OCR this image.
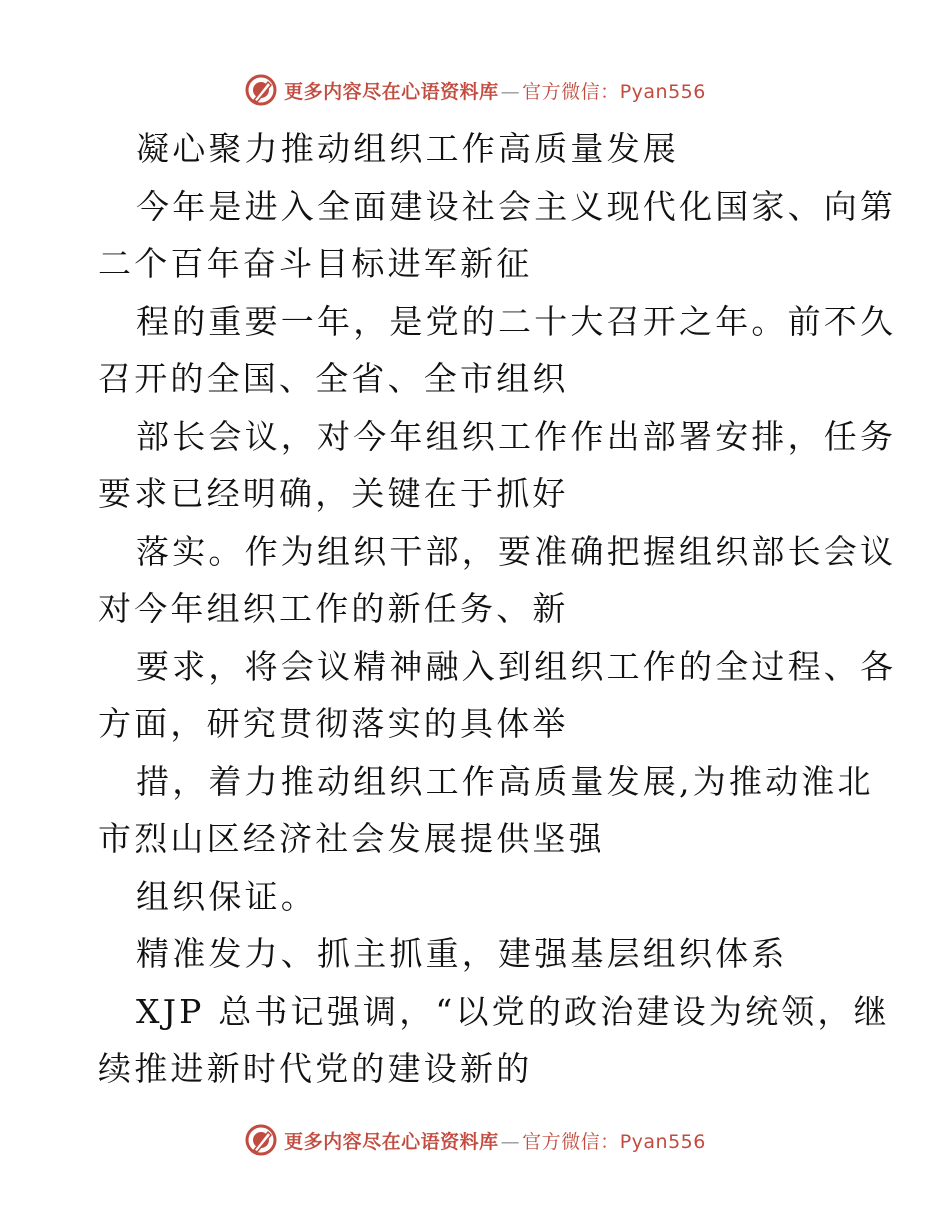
更多内容尽在心语资料库 — 官方微信：Pyan556
凝心聚力推动组织工作高质量发展
今年是进入全面建设社会主义现代化国家、向第
二个百年奋斗目标进军新征
程的重要一年，是党的二十大召开之年。前不久
召开的全国、全省、全市组织
部长会议，对今年组织工作作出部署安排，任务
要求已经明确，关键在于抓好
落实。作为组织干部，要准确把握组织部长会议
对今年组织工作的新任务、新
要求，将会议精神融入到组织工作的全过程、各
方面，研究贯彻落实的具体举
措，着力推动组织工作高质量发展,为推动淮北
市烈山区经济社会发展提供坚强
组织保证。
精准发力、抓主抓重，建强基层组织体系
XJP 总书记强调，“以党的政治建设为统领，继
续推进新时代党的建设新的
更多内容尽在心语资料库 — 官方微信：Pyan556
